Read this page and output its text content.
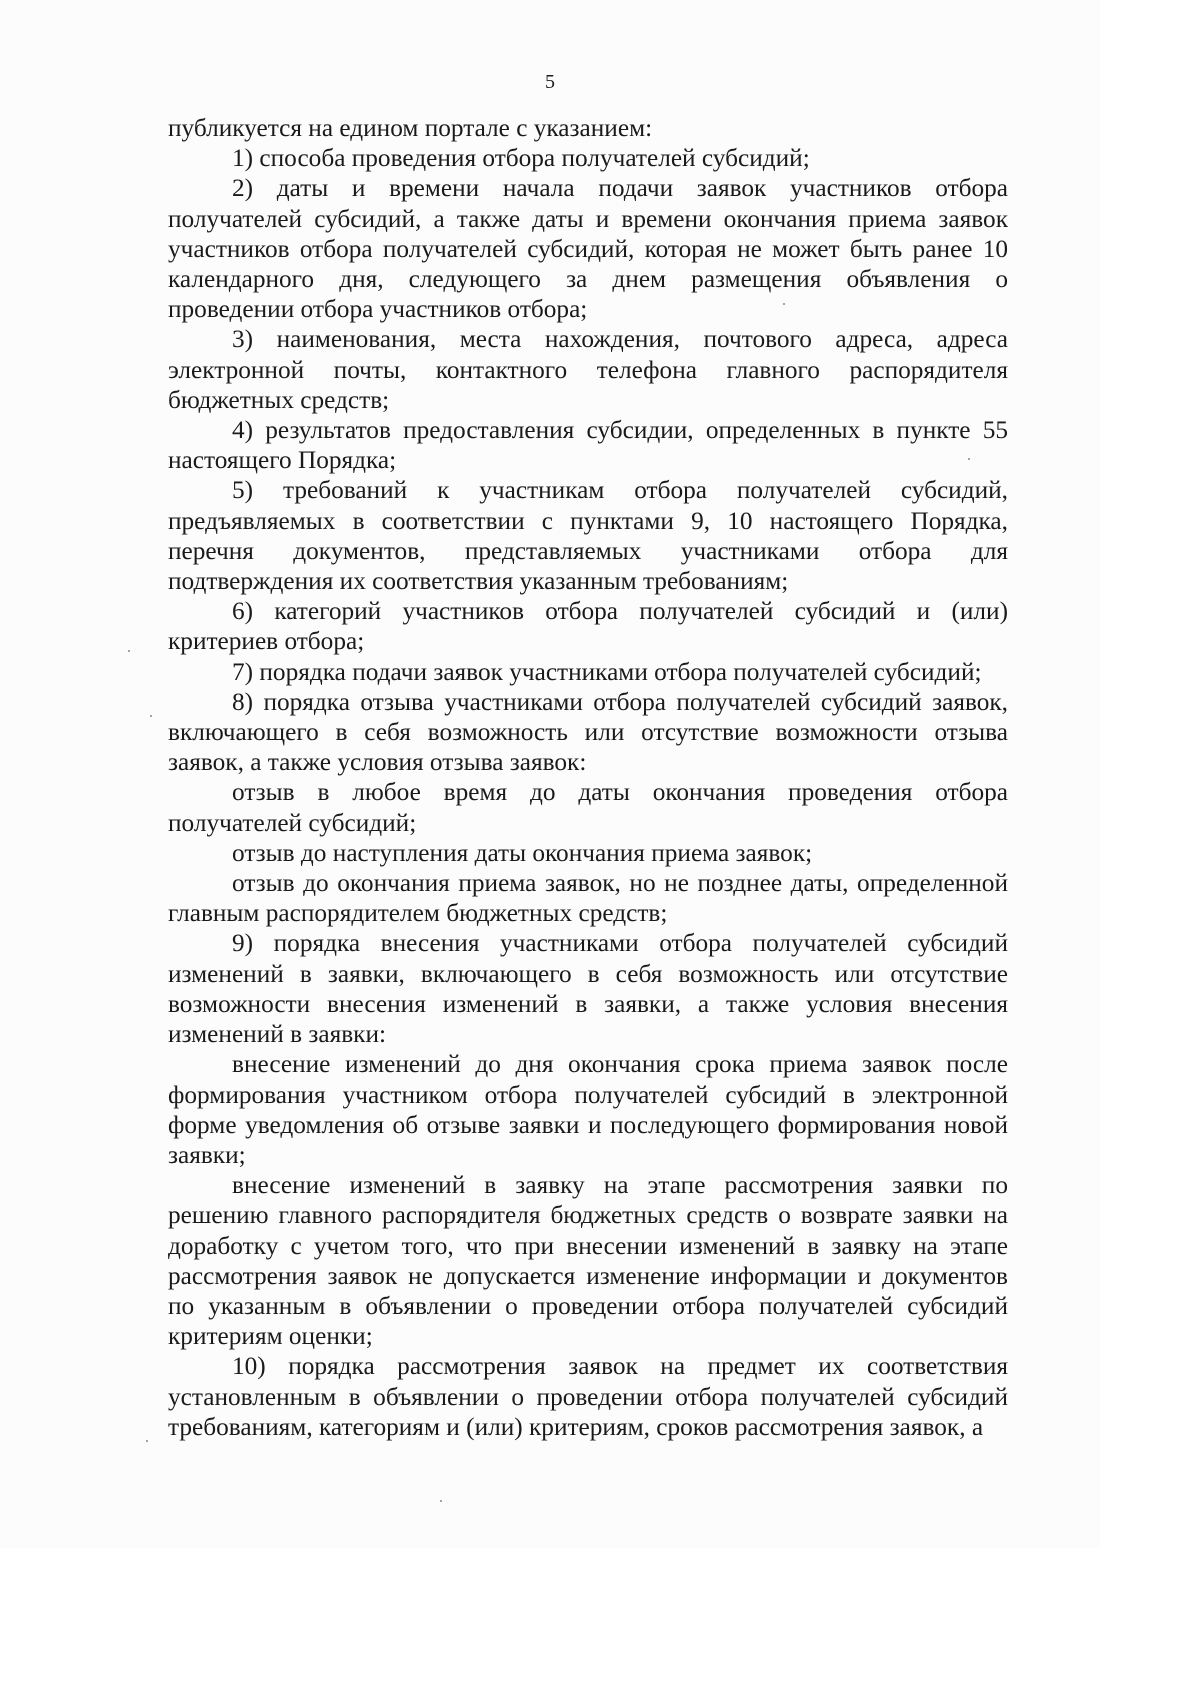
5

публикуется на едином портале с указанием:

1) способа проведения отбора получателей субсидий;

2) даты и времени начала подачи заявок участников отбора получателей субсидий, а также даты и времени окончания приема заявок участников отбора получателей субсидий, которая не может быть ранее 10 календарного дня, следующего за днем размещения объявления о проведении отбора участников отбора;

3) наименования, места нахождения, почтового адреса, адреса электронной почты, контактного телефона главного распорядителя бюджетных средств;

4) результатов предоставления субсидии, определенных в пункте 55 настоящего Порядка;

5) требований к участникам отбора получателей субсидий, предъявляемых в соответствии с пунктами 9, 10 настоящего Порядка, перечня документов, представляемых участниками отбора для подтверждения их соответствия указанным требованиям;

6) категорий участников отбора получателей субсидий и (или) критериев отбора;

7) порядка подачи заявок участниками отбора получателей субсидий;

8) порядка отзыва участниками отбора получателей субсидий заявок, включающего в себя возможность или отсутствие возможности отзыва заявок, а также условия отзыва заявок:

отзыв в любое время до даты окончания проведения отбора получателей субсидий;

отзыв до наступления даты окончания приема заявок;

отзыв до окончания приема заявок, но не позднее даты, определенной главным распорядителем бюджетных средств;

9) порядка внесения участниками отбора получателей субсидий изменений в заявки, включающего в себя возможность или отсутствие возможности внесения изменений в заявки, а также условия внесения изменений в заявки:

внесение изменений до дня окончания срока приема заявок после формирования участником отбора получателей субсидий в электронной форме уведомления об отзыве заявки и последующего формирования новой заявки;

внесение изменений в заявку на этапе рассмотрения заявки по решению главного распорядителя бюджетных средств о возврате заявки на доработку с учетом того, что при внесении изменений в заявку на этапе рассмотрения заявок не допускается изменение информации и документов по указанным в объявлении о проведении отбора получателей субсидий критериям оценки;

10) порядка рассмотрения заявок на предмет их соответствия установленным в объявлении о проведении отбора получателей субсидий требованиям, категориям и (или) критериям, сроков рассмотрения заявок, а
